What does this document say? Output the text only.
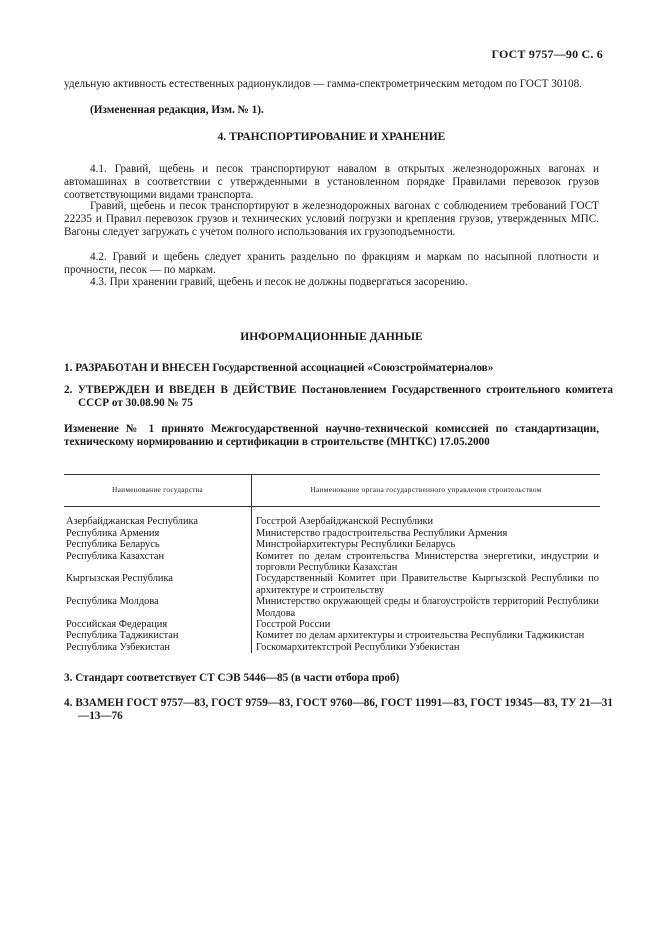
ГОСТ 9757—90 С. 6

удельную активность естественных радионуклидов — гамма-спектрометрическим методом по ГОСТ 30108.

(Измененная редакция, Изм. № 1).

4. ТРАНСПОРТИРОВАНИЕ И ХРАНЕНИЕ

4.1. Гравий, щебень и песок транспортируют навалом в открытых железнодорожных вагонах и автомашинах в соответствии с утвержденными в установленном порядке Правилами перевозок грузов соответствующими видами транспорта.

Гравий, щебень и песок транспортируют в железнодорожных вагонах с соблюдением требований ГОСТ 22235 и Правил перевозок грузов и технических условий погрузки и крепления грузов, утвержденных МПС. Вагоны следует загружать с учетом полного использования их грузоподъемности.

4.2. Гравий и щебень следует хранить раздельно по фракциям и маркам по насыпной плотности и прочности, песок — по маркам.

4.3. При хранении гравий, щебень и песок не должны подвергаться засорению.

ИНФОРМАЦИОННЫЕ ДАННЫЕ

1. РАЗРАБОТАН И ВНЕСЕН Государственной ассоциацией «Союзстройматериалов»

2. УТВЕРЖДЕН И ВВЕДЕН В ДЕЙСТВИЕ Постановлением Государственного строительного комитета СССР от 30.08.90 № 75

Изменение № 1 принято Межгосударственной научно-технической комиссией по стандартизации, техническому нормированию и сертификации в строительстве (МНТКС) 17.05.2000

Наименование государства	Наименование органа государственного управления строительством
Азербайджанская Республика	Госстрой Азербайджанской Республики
Республика Армения	Министерство градостроительства Республики Армения
Республика Беларусь	Минстройархитектуры Республики Беларусь
Республика Казахстан	Комитет по делам строительства Министерства энергетики, индустрии и торговли Республики Казахстан
Кыргызская Республика	Государственный Комитет при Правительстве Кыргызской Республики по архитектуре и строительству
Республика Молдова	Министерство окружающей среды и благоустройств территорий Республики Молдова
Российская Федерация	Госстрой России
Республика Таджикистан	Комитет по делам архитектуры и строительства Республики Таджикистан
Республика Узбекистан	Госкомархитектстрой Республики Узбекистан

3. Стандарт соответствует СТ СЭВ 5446—85 (в части отбора проб)

4. ВЗАМЕН ГОСТ 9757—83, ГОСТ 9759—83, ГОСТ 9760—86, ГОСТ 11991—83, ГОСТ 19345—83, ТУ 21—31—13—76
